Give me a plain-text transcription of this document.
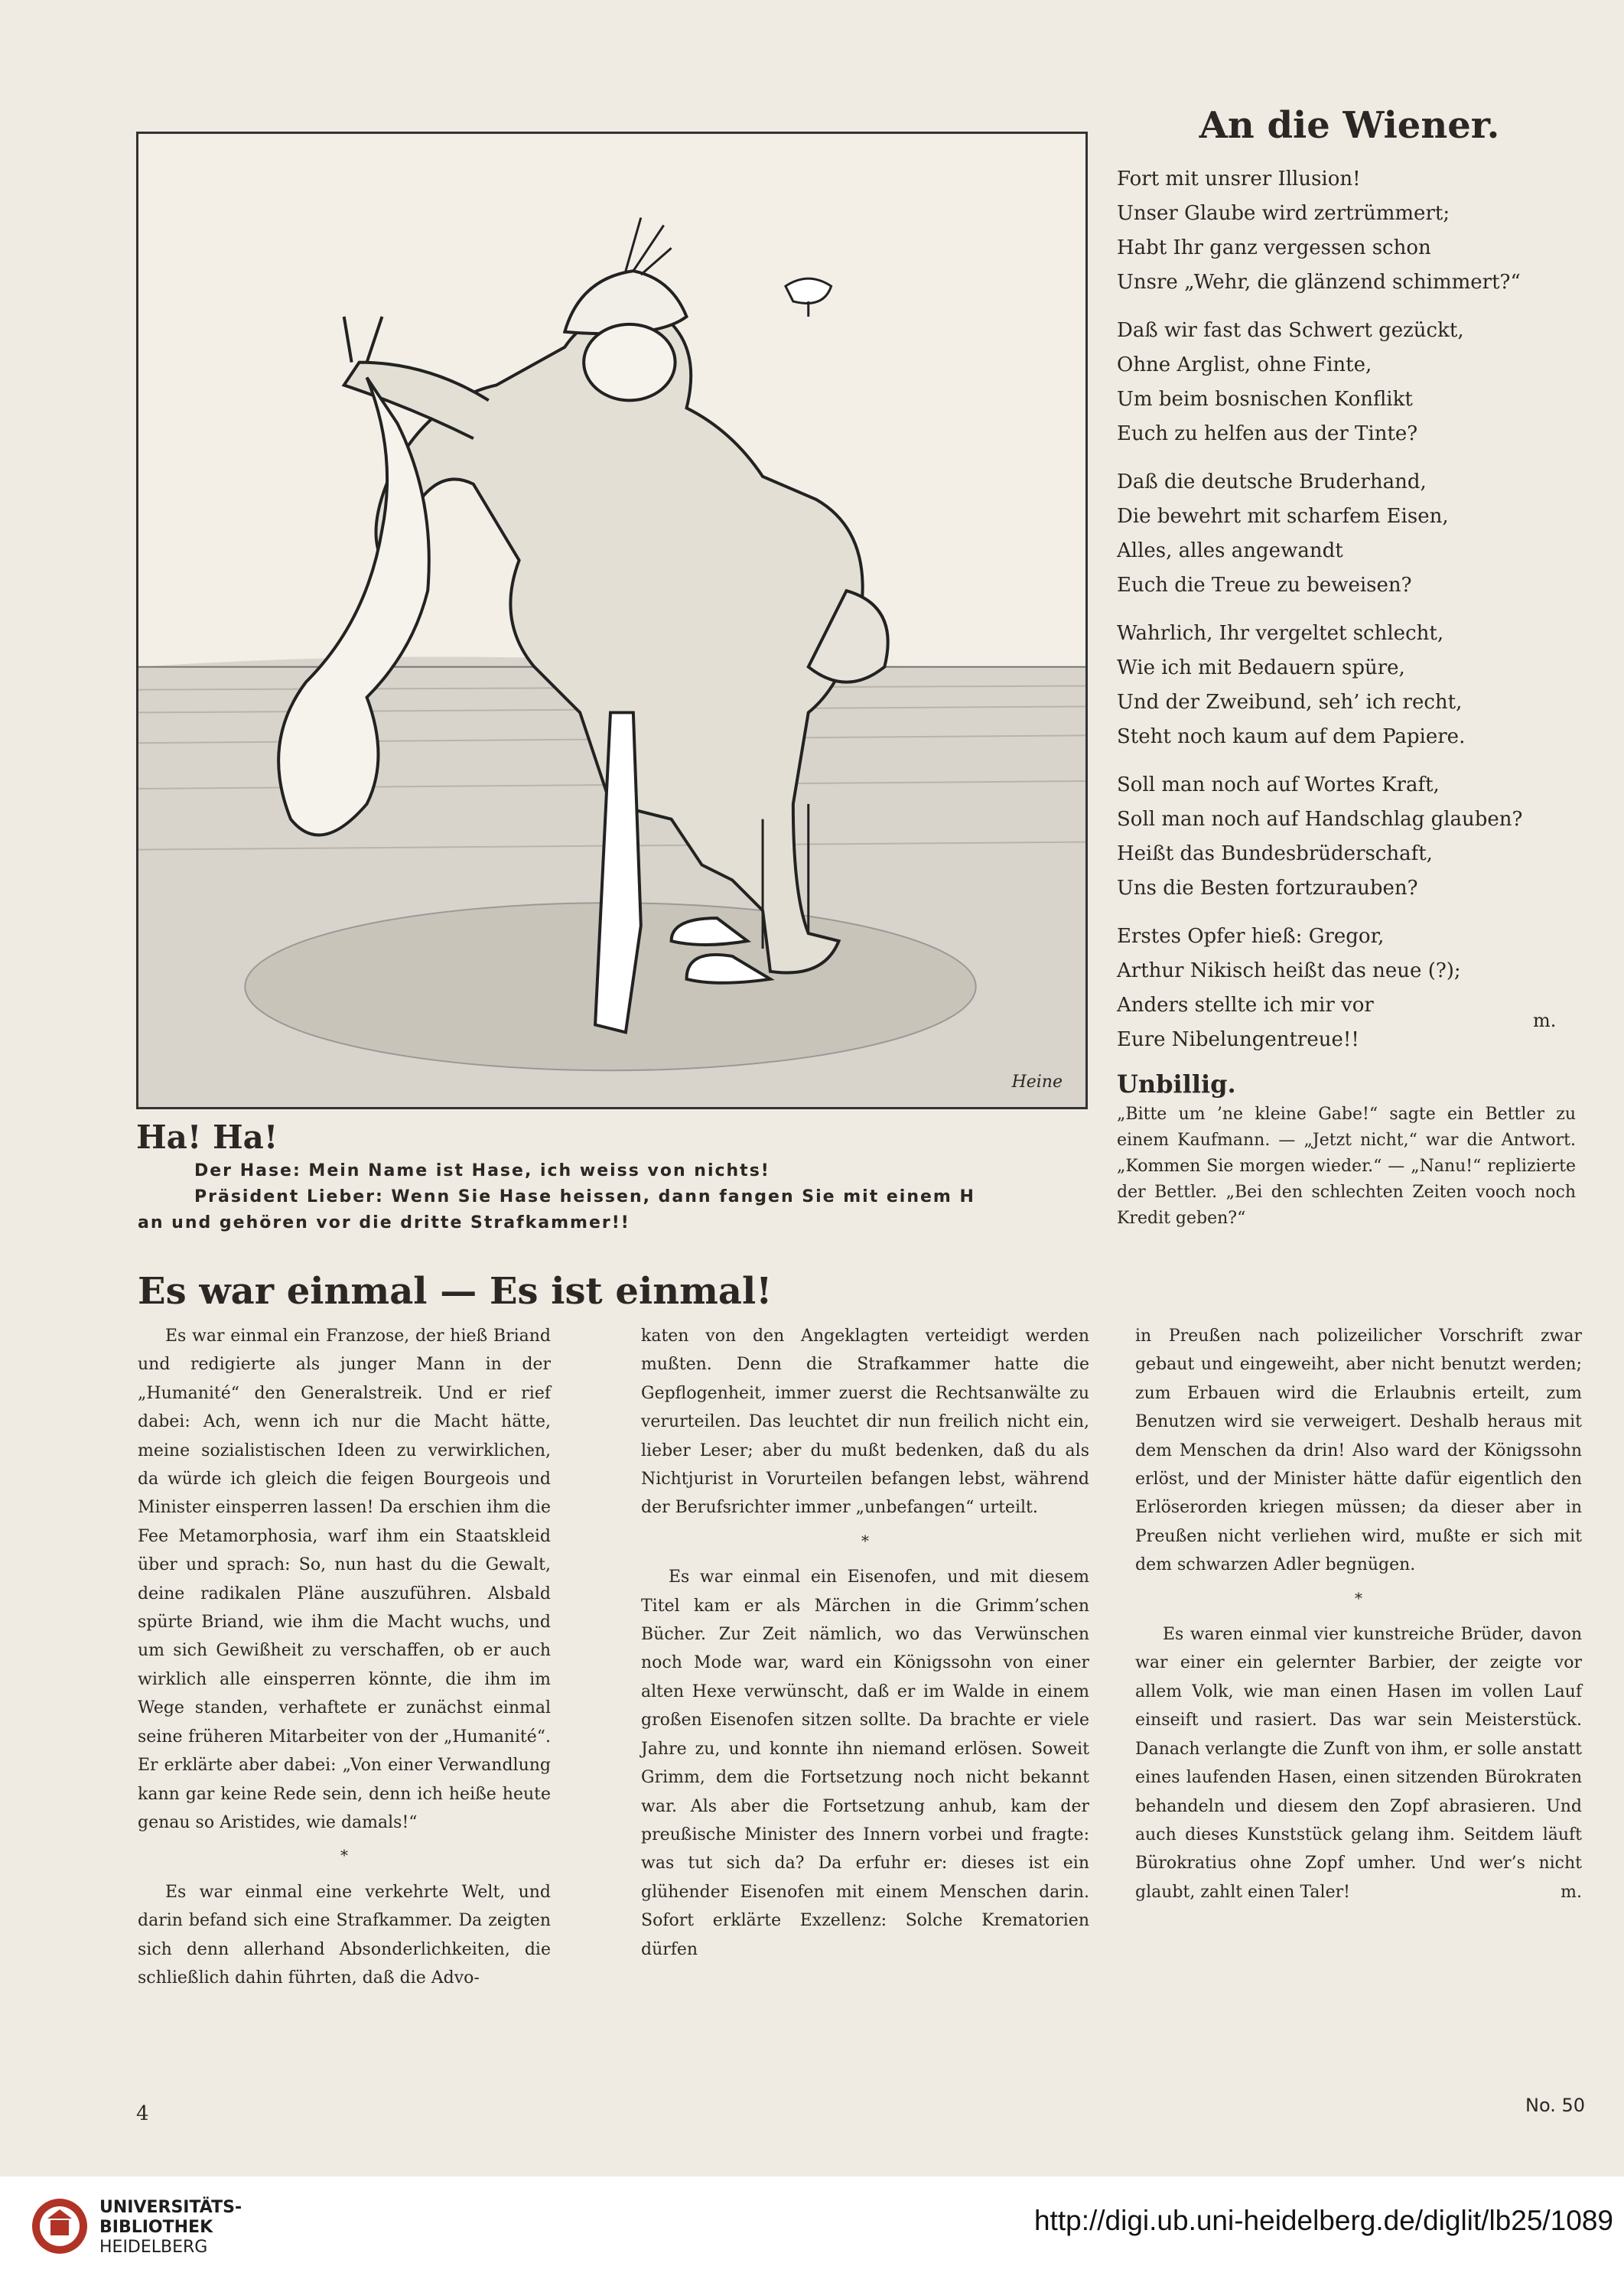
Heine
Ha! Ha!
Der Hase: Mein Name ist Hase, ich weiss von nichts!
Präsident Lieber: Wenn Sie Hase heissen, dann fangen Sie mit einem H
an und gehören vor die dritte Strafkammer!!
An die Wiener.
Fort mit unsrer Illusion!
Unser Glaube wird zertrümmert;
Habt Ihr ganz vergessen schon
Unsre „Wehr, die glänzend schimmert?“
Daß wir fast das Schwert gezückt,
Ohne Arglist, ohne Finte,
Um beim bosnischen Konflikt
Euch zu helfen aus der Tinte?
Daß die deutsche Bruderhand,
Die bewehrt mit scharfem Eisen,
Alles, alles angewandt
Euch die Treue zu beweisen?
Wahrlich, Ihr vergeltet schlecht,
Wie ich mit Bedauern spüre,
Und der Zweibund, seh’ ich recht,
Steht noch kaum auf dem Papiere.
Soll man noch auf Wortes Kraft,
Soll man noch auf Handschlag glauben?
Heißt das Bundesbrüderschaft,
Uns die Besten fortzurauben?
Erstes Opfer hieß: Gregor,
Arthur Nikisch heißt das neue (?);
Anders stellte ich mir vor
Eure Nibelungentreue!!
m.
Unbillig.
„Bitte um ’ne kleine Gabe!“ sagte ein Bettler zu einem Kaufmann. — „Jetzt nicht,“ war die Antwort. „Kommen Sie morgen wieder.“ — „Nanu!“ replizierte der Bettler. „Bei den schlechten Zeiten vooch noch Kredit geben?“
Es war einmal — Es ist einmal!

Es war einmal ein Franzose, der hieß Briand und redigierte als junger Mann in der „Humanité“ den Generalstreik. Und er rief dabei: Ach, wenn ich nur die Macht hätte, meine sozialistischen Ideen zu verwirklichen, da würde ich gleich die feigen Bourgeois und Minister einsperren lassen! Da erschien ihm die Fee Metamorphosia, warf ihm ein Staatskleid über und sprach: So, nun hast du die Gewalt, deine radikalen Pläne auszuführen. Alsbald spürte Briand, wie ihm die Macht wuchs, und um sich Gewißheit zu verschaffen, ob er auch wirklich alle einsperren könnte, die ihm im Wege standen, verhaftete er zunächst einmal seine früheren Mitarbeiter von der „Humanité“. Er erklärte aber dabei: „Von einer Verwandlung kann gar keine Rede sein, denn ich heiße heute genau so Aristides, wie damals!“

*

Es war einmal eine verkehrte Welt, und darin befand sich eine Strafkammer. Da zeigten sich denn allerhand Absonderlichkeiten, die schließlich dahin führten, daß die Advo-

katen von den Angeklagten verteidigt werden mußten. Denn die Strafkammer hatte die Gepflogenheit, immer zuerst die Rechtsanwälte zu verurteilen. Das leuchtet dir nun freilich nicht ein, lieber Leser; aber du mußt bedenken, daß du als Nichtjurist in Vorurteilen befangen lebst, während der Berufsrichter immer „unbefangen“ urteilt.

*

Es war einmal ein Eisenofen, und mit diesem Titel kam er als Märchen in die Grimm’schen Bücher. Zur Zeit nämlich, wo das Verwünschen noch Mode war, ward ein Königssohn von einer alten Hexe verwünscht, daß er im Walde in einem großen Eisenofen sitzen sollte. Da brachte er viele Jahre zu, und konnte ihn niemand erlösen. Soweit Grimm, dem die Fortsetzung noch nicht bekannt war. Als aber die Fortsetzung anhub, kam der preußische Minister des Innern vorbei und fragte: was tut sich da? Da erfuhr er: dieses ist ein glühender Eisenofen mit einem Menschen darin. Sofort erklärte Exzellenz: Solche Krematorien dürfen

in Preußen nach polizeilicher Vorschrift zwar gebaut und eingeweiht, aber nicht benutzt werden; zum Erbauen wird die Erlaubnis erteilt, zum Benutzen wird sie verweigert. Deshalb heraus mit dem Menschen da drin! Also ward der Königssohn erlöst, und der Minister hätte dafür eigentlich den Erlöserorden kriegen müssen; da dieser aber in Preußen nicht verliehen wird, mußte er sich mit dem schwarzen Adler begnügen.

*

Es waren einmal vier kunstreiche Brüder, davon war einer ein gelernter Barbier, der zeigte vor allem Volk, wie man einen Hasen im vollen Lauf einseift und rasiert. Das war sein Meisterstück. Danach verlangte die Zunft von ihm, er solle anstatt eines laufenden Hasen, einen sitzenden Bürokraten behandeln und diesem den Zopf abrasieren. Und auch dieses Kunststück gelang ihm. Seitdem läuft Bürokratius ohne Zopf umher. Und wer’s nicht glaubt, zahlt einen Taler!	m.
4	No. 50
UNIVERSITÄTS-
BIBLIOTHEK
HEIDELBERG
http://digi.ub.uni-heidelberg.de/diglit/lb25/1089
